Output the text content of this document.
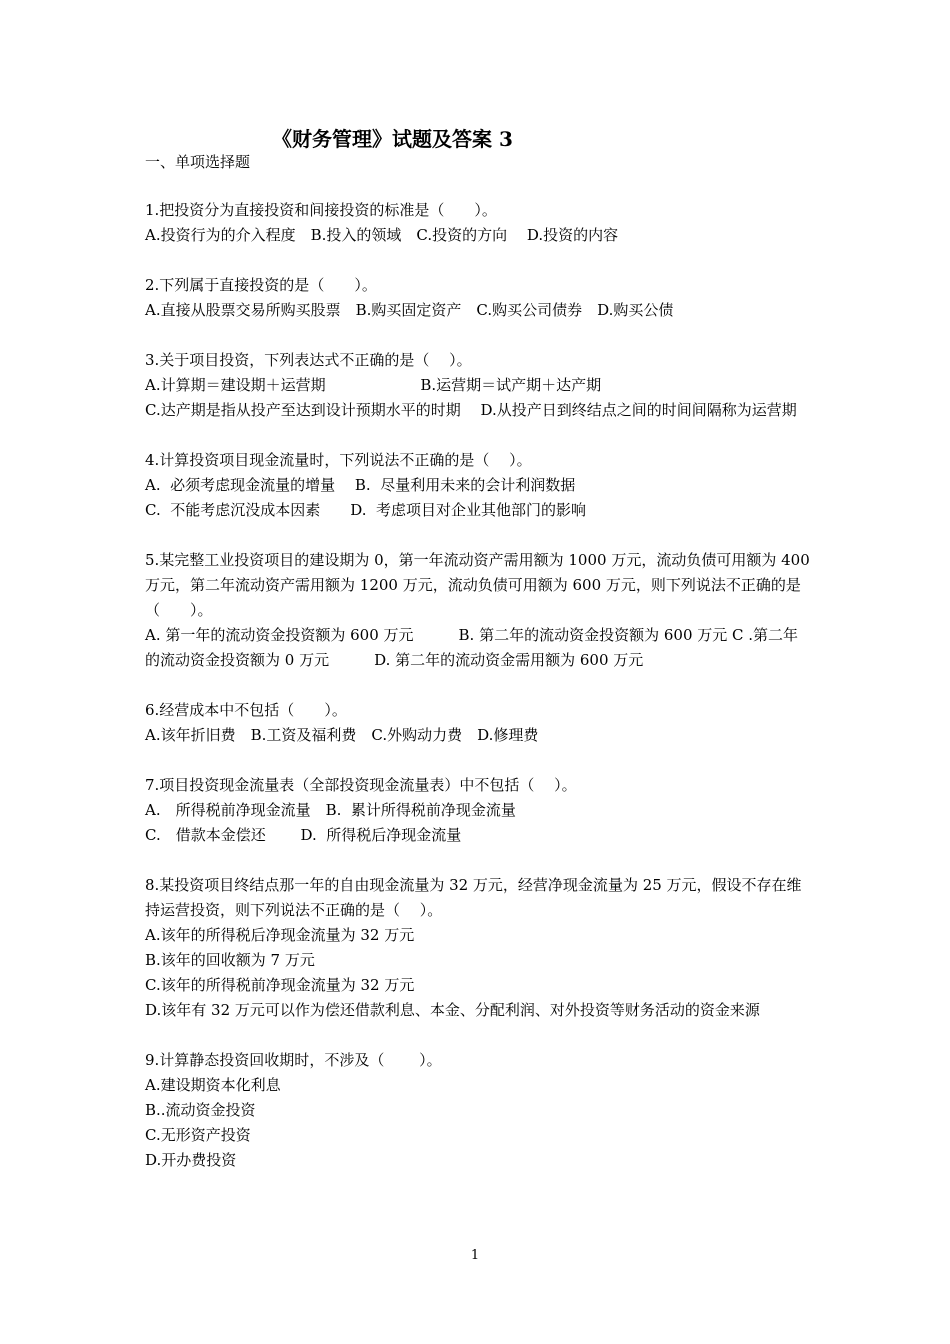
《财务管理》试题及答案 3
一、单项选择题
1.把投资分为直接投资和间接投资的标准是（　　）。
A.投资行为的介入程度　B.投入的领域　C.投资的方向　 D.投资的内容
2.下列属于直接投资的是（　　）。
A.直接从股票交易所购买股票　B.购买固定资产　C.购买公司债券　D.购买公债
3.关于项目投资，下列表达式不正确的是（　 ）。
A.计算期＝建设期＋运营期　　　　　　 B.运营期＝试产期＋达产期
C.达产期是指从投产至达到设计预期水平的时期　 D.从投产日到终结点之间的时间间隔称为运营期
4.计算投资项目现金流量时，下列说法不正确的是（　 ）。
A.  必须考虑现金流量的增量　 B.  尽量利用未来的会计利润数据
C.  不能考虑沉没成本因素　　D.  考虑项目对企业其他部门的影响
5.某完整工业投资项目的建设期为 0，第一年流动资产需用额为 1000 万元，流动负债可用额为 400 万元，第二年流动资产需用额为 1200 万元，流动负债可用额为 600 万元，则下列说法不正确的是（　　）。
A. 第一年的流动资金投资额为 600 万元　　　B. 第二年的流动资金投资额为 600 万元 C .第二年的流动资金投资额为 0 万元　　　D. 第二年的流动资金需用额为 600 万元
6.经营成本中不包括（　　）。
A.该年折旧费　B.工资及福利费　C.外购动力费　D.修理费
7.项目投资现金流量表（全部投资现金流量表）中不包括（　 ）。
A.　所得税前净现金流量　B.  累计所得税前净现金流量
C.　借款本金偿还　　 D.  所得税后净现金流量
8.某投资项目终结点那一年的自由现金流量为 32 万元，经营净现金流量为 25 万元，假设不存在维持运营投资，则下列说法不正确的是（　 ）。
A.该年的所得税后净现金流量为 32 万元
B.该年的回收额为 7 万元
C.该年的所得税前净现金流量为 32 万元
D.该年有 32 万元可以作为偿还借款利息、本金、分配利润、对外投资等财务活动的资金来源
9.计算静态投资回收期时，不涉及（　　 ）。
A.建设期资本化利息
B..流动资金投资
C.无形资产投资
D.开办费投资
1
